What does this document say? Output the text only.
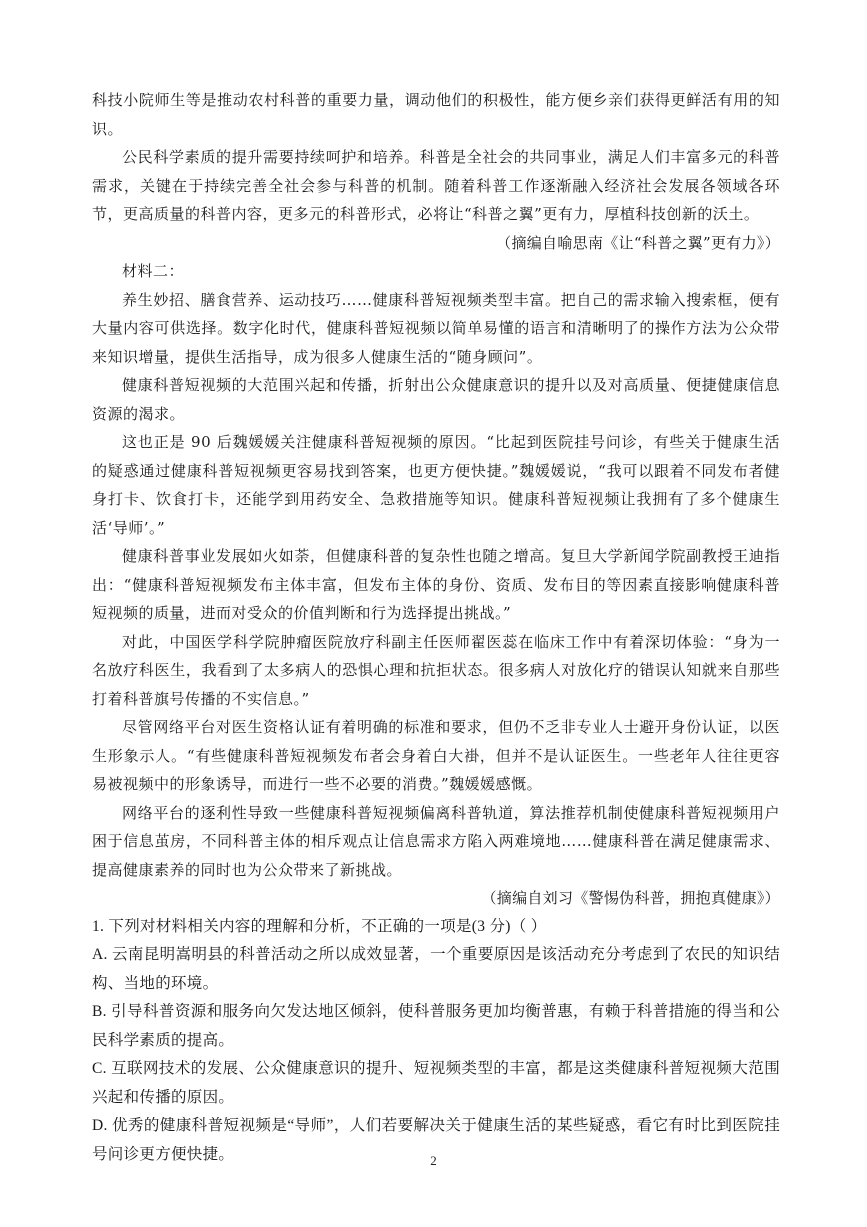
科技小院师生等是推动农村科普的重要力量，调动他们的积极性，能方便乡亲们获得更鲜活有用的知识。

公民科学素质的提升需要持续呵护和培养。科普是全社会的共同事业，满足人们丰富多元的科普需求，关键在于持续完善全社会参与科普的机制。随着科普工作逐渐融入经济社会发展各领域各环节，更高质量的科普内容，更多元的科普形式，必将让“科普之翼”更有力，厚植科技创新的沃土。

（摘编自喻思南《让“科普之翼”更有力》）

材料二：

养生妙招、膳食营养、运动技巧……健康科普短视频类型丰富。把自己的需求输入搜索框，便有大量内容可供选择。数字化时代，健康科普短视频以简单易懂的语言和清晰明了的操作方法为公众带来知识增量，提供生活指导，成为很多人健康生活的“随身顾问”。

健康科普短视频的大范围兴起和传播，折射出公众健康意识的提升以及对高质量、便捷健康信息资源的渴求。

这也正是 90 后魏媛媛关注健康科普短视频的原因。“比起到医院挂号问诊，有些关于健康生活的疑惑通过健康科普短视频更容易找到答案，也更方便快捷。”魏媛媛说，“我可以跟着不同发布者健身打卡、饮食打卡，还能学到用药安全、急救措施等知识。健康科普短视频让我拥有了多个健康生活‘导师’。”

健康科普事业发展如火如荼，但健康科普的复杂性也随之增高。复旦大学新闻学院副教授王迪指出：“健康科普短视频发布主体丰富，但发布主体的身份、资质、发布目的等因素直接影响健康科普短视频的质量，进而对受众的价值判断和行为选择提出挑战。”

对此，中国医学科学院肿瘤医院放疗科副主任医师翟医蕊在临床工作中有着深切体验：“身为一名放疗科医生，我看到了太多病人的恐惧心理和抗拒状态。很多病人对放化疗的错误认知就来自那些打着科普旗号传播的不实信息。”

尽管网络平台对医生资格认证有着明确的标准和要求，但仍不乏非专业人士避开身份认证，以医生形象示人。“有些健康科普短视频发布者会身着白大褂，但并不是认证医生。一些老年人往往更容易被视频中的形象诱导，而进行一些不必要的消费。”魏媛媛感慨。

网络平台的逐利性导致一些健康科普短视频偏离科普轨道，算法推荐机制使健康科普短视频用户困于信息茧房，不同科普主体的相斥观点让信息需求方陷入两难境地……健康科普在满足健康需求、提高健康素养的同时也为公众带来了新挑战。

（摘编自刘习《警惕伪科普，拥抱真健康》）

1. 下列对材料相关内容的理解和分析，不正确的一项是(3 分)（ ）

A. 云南昆明嵩明县的科普活动之所以成效显著，一个重要原因是该活动充分考虑到了农民的知识结构、当地的环境。

B. 引导科普资源和服务向欠发达地区倾斜，使科普服务更加均衡普惠，有赖于科普措施的得当和公民科学素质的提高。

C. 互联网技术的发展、公众健康意识的提升、短视频类型的丰富，都是这类健康科普短视频大范围兴起和传播的原因。

D. 优秀的健康科普短视频是“导师”，人们若要解决关于健康生活的某些疑惑，看它有时比到医院挂号问诊更方便快捷。	2
